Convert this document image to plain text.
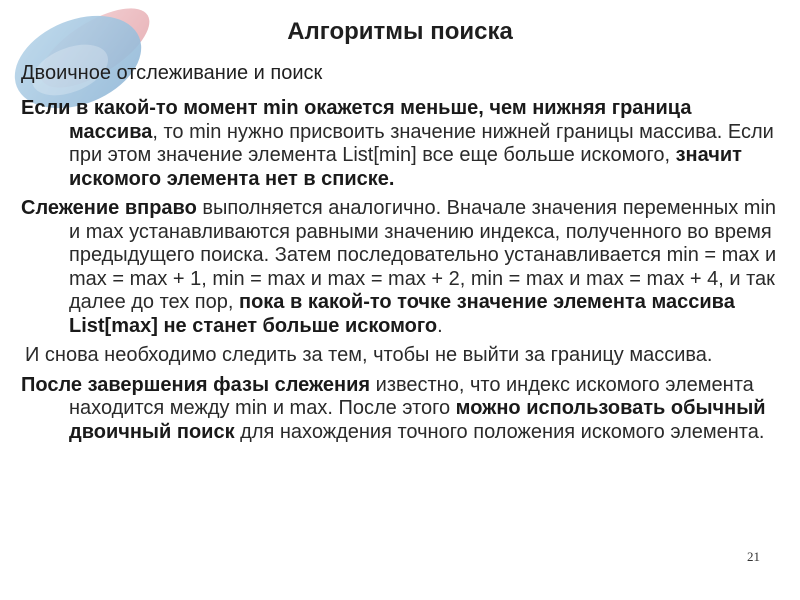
Алгоритмы поиска
Двоичное отслеживание и поиск

Если в какой-то момент min окажется меньше, чем нижняя граница массива, то min нужно присвоить значение нижней границы массива. Если при этом значение элемента List[min] все еще больше искомого, значит искомого элемента нет в списке.

Слежение вправо выполняется аналогично. Вначале значения переменных min и max устанавливаются равными значению индекса, полученного во время предыдущего поиска. Затем последовательно устанавливается min = max и max = max + 1, min = max и max = max + 2, min = max и max = max + 4, и так далее до тех пор, пока в какой-то точке значение элемента массива List[max] не станет больше искомого.

И снова необходимо следить за тем, чтобы не выйти за границу массива.

После завершения фазы слежения известно, что индекс искомого элемента находится между min и max. После этого можно использовать обычный двоичный поиск для нахождения точного положения искомого элемента.

21
